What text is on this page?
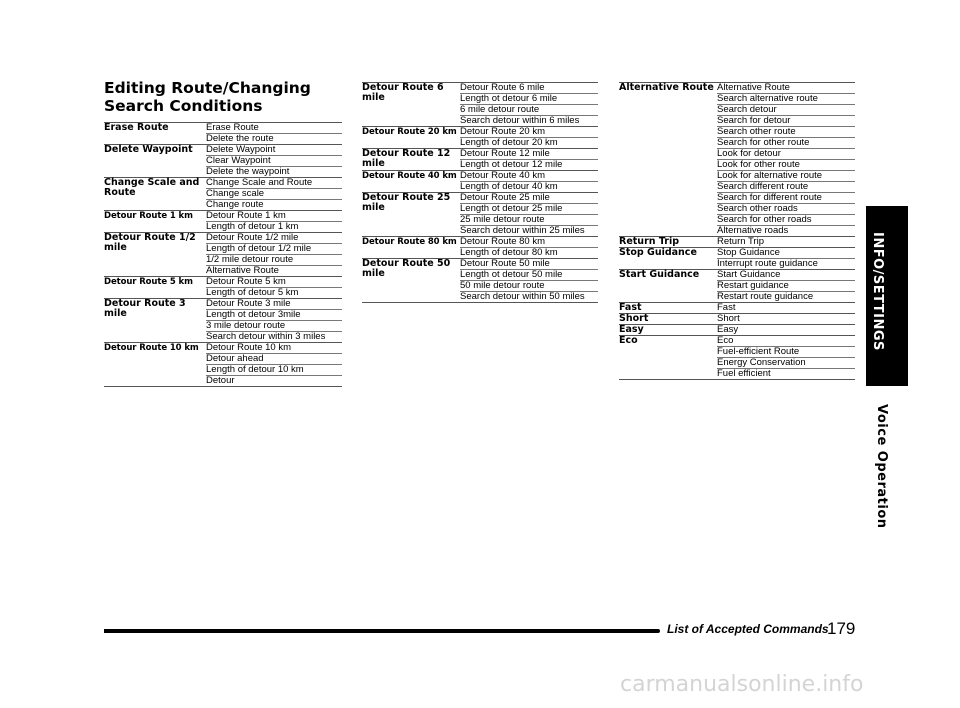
Editing Route/Changing Search Conditions
Erase Route	Erase Route
	Delete the route
Delete Waypoint	Delete Waypoint
	Clear Waypoint
	Delete the waypoint
Change Scale and Route	Change Scale and Route
	Change scale
	Change route
Detour Route 1 km	Detour Route 1 km
	Length of detour 1 km
Detour Route 1/2 mile	Detour Route 1/2 mile
	Length of detour 1/2 mile
	1/2 mile detour route
	Alternative Route
Detour Route 5 km	Detour Route 5 km
	Length of detour 5 km
Detour Route 3 mile	Detour Route 3 mile
	Length ot detour 3mile
	3 mile detour route
	Search detour within 3 miles
Detour Route 10 km	Detour Route 10 km
	Detour ahead
	Length of detour 10 km
	Detour
Detour Route 6 mile	Detour Route 6 mile
	Length ot detour 6 mile
	6 mile detour route
	Search detour within 6 miles
Detour Route 20 km	Detour Route 20 km
	Length of detour 20 km
Detour Route 12 mile	Detour Route 12 mile
	Length ot detour 12 mile
Detour Route 40 km	Detour Route 40 km
	Length of detour 40 km
Detour Route 25 mile	Detour Route 25 mile
	Length ot detour 25 mile
	25 mile detour route
	Search detour within 25 miles
Detour Route 80 km	Detour Route 80 km
	Length of detour 80 km
Detour Route 50 mile	Detour Route 50 mile
	Length ot detour 50 mile
	50 mile detour route
	Search detour within 50 miles
Alternative Route	Alternative Route
	Search alternative route
	Search detour
	Search for detour
	Search other route
	Search for other route
	Look for detour
	Look for other route
	Look for alternative route
	Search different route
	Search for different route
	Search other roads
	Search for other roads
	Alternative roads
Return Trip	Return Trip
Stop Guidance	Stop Guidance
	Interrupt route guidance
Start Guidance	Start Guidance
	Restart guidance
	Restart route guidance
Fast	Fast
Short	Short
Easy	Easy
Eco	Eco
	Fuel-efficient Route
	Energy Conservation
	Fuel efficient
INFO/SETTINGS
Voice Operation
List of Accepted Commands
179
carmanualsonline.info
